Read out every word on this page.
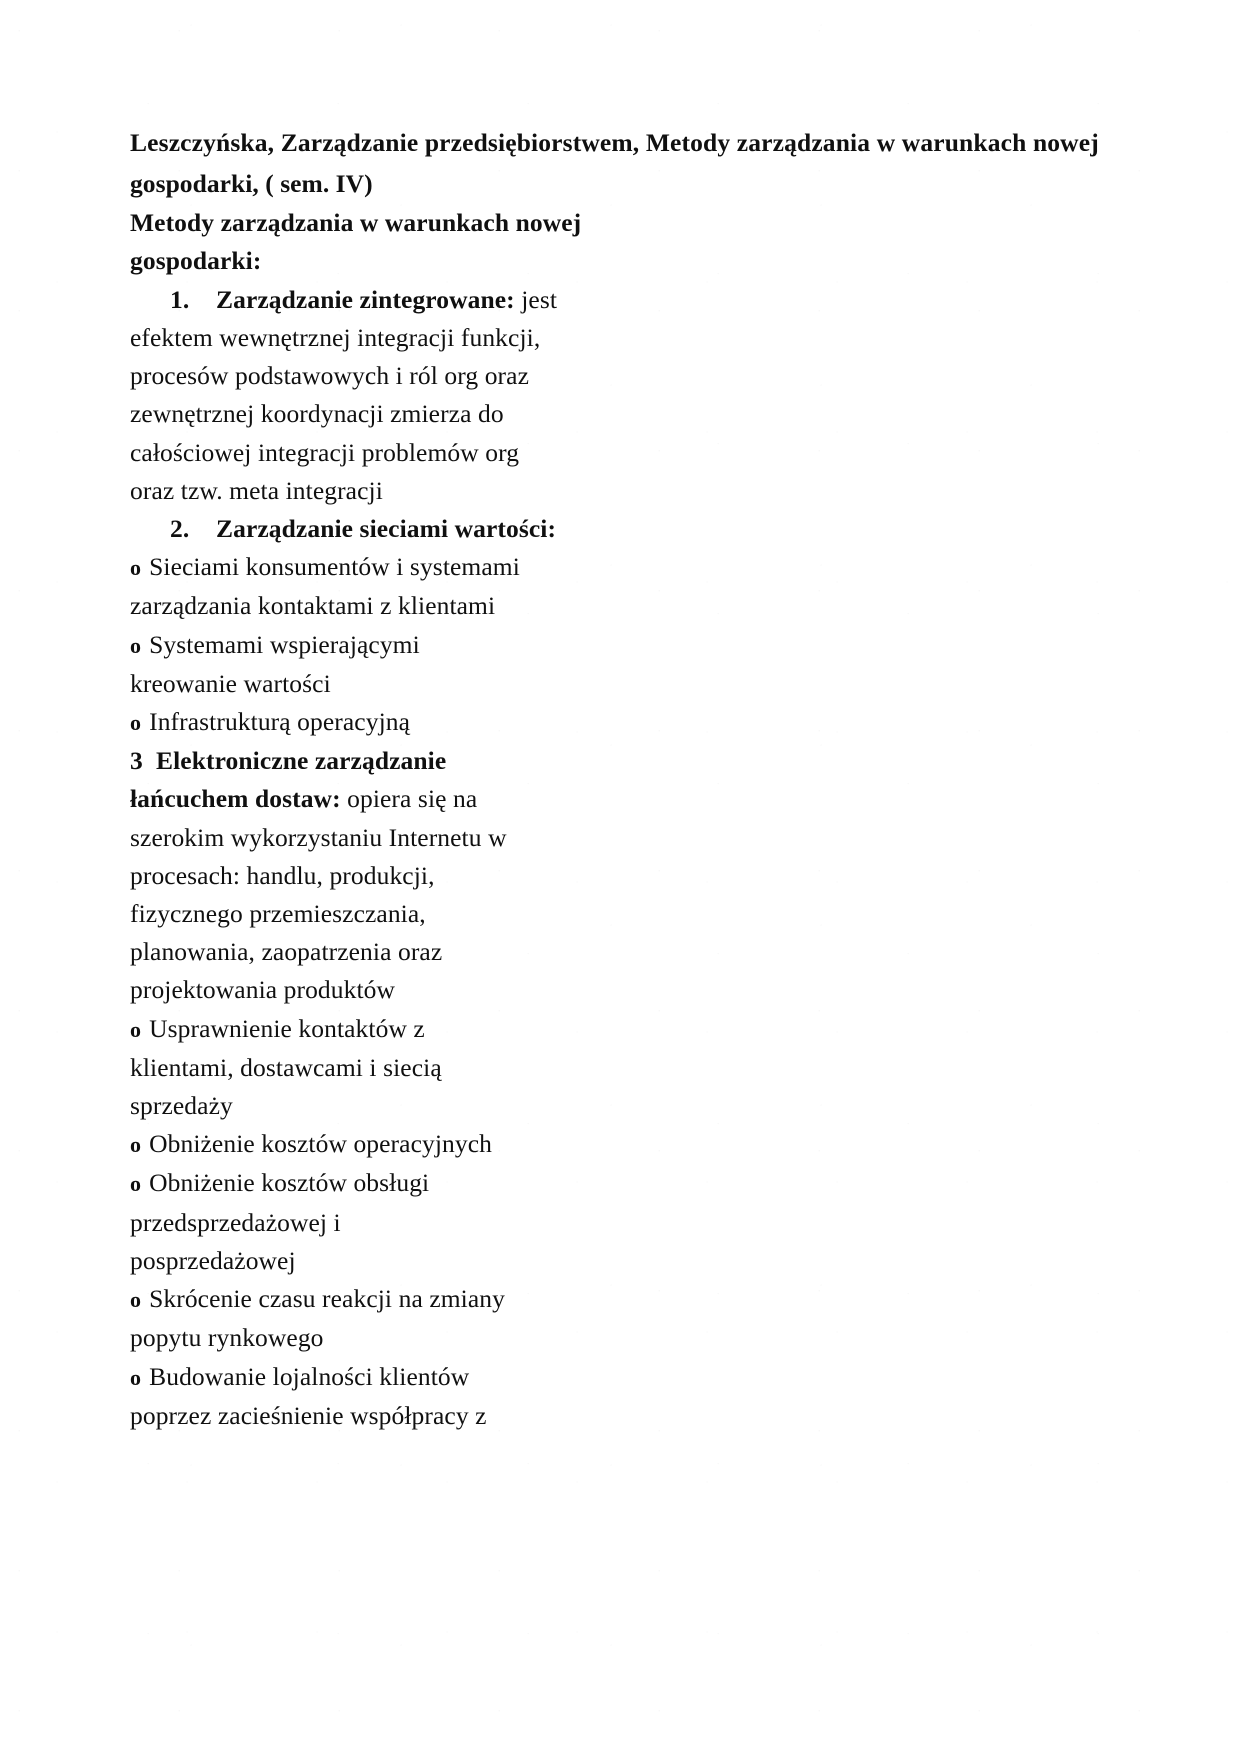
Leszczyńska, Zarządzanie przedsiębiorstwem, Metody zarządzania w warunkach nowej
gospodarki, ( sem. IV)
Metody zarządzania w warunkach nowej
gospodarki:
1. Zarządzanie zintegrowane: jest
efektem wewnętrznej integracji funkcji,
procesów podstawowych i ról org oraz
zewnętrznej koordynacji zmierza do
całościowej integracji problemów org
oraz tzw. meta integracji
2. Zarządzanie sieciami wartości:
o Sieciami konsumentów i systemami
zarządzania kontaktami z klientami
o Systemami wspierającymi
kreowanie wartości
o Infrastrukturą operacyjną
3 Elektroniczne zarządzanie
łańcuchem dostaw: opiera się na
szerokim wykorzystaniu Internetu w
procesach: handlu, produkcji,
fizycznego przemieszczania,
planowania, zaopatrzenia oraz
projektowania produktów
o Usprawnienie kontaktów z
klientami, dostawcami i siecią
sprzedaży
o Obniżenie kosztów operacyjnych
o Obniżenie kosztów obsługi
przedsprzedażowej i
posprzedażowej
o Skrócenie czasu reakcji na zmiany
popytu rynkowego
o Budowanie lojalności klientów
poprzez zacieśnienie współpracy z
